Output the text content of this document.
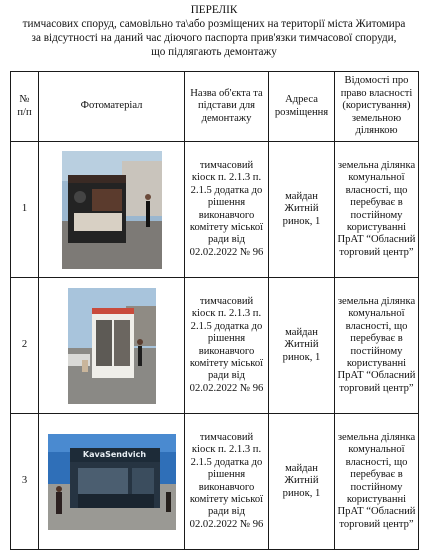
ПЕРЕЛІК
тимчасових споруд, самовільно та\або розміщених на території міста Житомира
за відсутності на даний час діючого паспорта прив'язки тимчасової споруди,
що підлягають демонтажу
№
п/п	Фотоматеріал	Назва об'єкта та підстави для демонтажу	Адреса розміщення	Відомості про право власності (користування) земельною ділянкою
1		тимчасовий кіоск п. 2.1.3 п. 2.1.5 додатка до рішення виконавчого комітету міської ради від 02.02.2022 № 96	майдан Житній ринок, 1	земельна ділянка комунальної власності, що перебуває в постійному користуванні ПрАТ “Обласний торговий центр”
2		тимчасовий кіоск п. 2.1.3 п. 2.1.5 додатка до рішення виконавчого комітету міської ради від 02.02.2022 № 96	майдан Житній ринок, 1	земельна ділянка комунальної власності, що перебуває в постійному користуванні ПрАТ “Обласний торговий центр”
3	KavaSendvich	тимчасовий кіоск п. 2.1.3 п. 2.1.5 додатка до рішення виконавчого комітету міської ради від 02.02.2022 № 96	майдан Житній ринок, 1	земельна ділянка комунальної власності, що перебуває в постійному користуванні ПрАТ “Обласний торговий центр”
